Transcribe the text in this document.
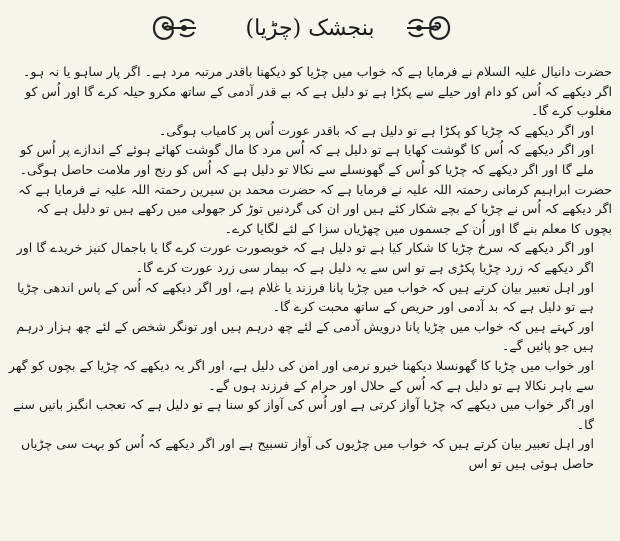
ﺑﻨﺠﺸﮏ (ﭼﮍﯾﺎ)

حضرت دانیال علیہ السلام نے فرمایا ہے کہ خواب میں چڑیا کو دیکھنا باقدر مرتبہ مرد ہے۔ اگر پار ساہو یا نہ ہو۔ اگر دیکھے کہ اُس کو دام اور حیلے سے پکڑا ہے تو دلیل ہے کہ بے قدر آدمی کے ساتھ مکرو حیلہ کرے گا اور اُس کو مغلوب کرے گا۔

اور اگر دیکھے کہ چڑیا کو پکڑا ہے تو دلیل ہے کہ باقدر عورت اُس پر کامیاب ہوگی۔

اور اگر دیکھے کہ اُس کا گوشت کھایا ہے تو دلیل ہے کہ اُس مرد کا مال گوشت کھائے ہوئے کے اندازے پر اُس کو ملے گا اور اگر دیکھے کہ چڑیا کو اُس کے گھونسلے سے نکالا تو دلیل ہے کہ اُس کو رنج اور ملامت حاصل ہوگی۔

حضرت ابراہیم کرمانی رحمتہ اللہ علیہ نے فرمایا ہے کہ حضرت محمد بن سیرین رحمتہ اللہ علیہ نے فرمایا ہے کہ اگر دیکھے کہ اُس نے چڑیا کے بچے شکار کئے ہیں اور ان کی گردنیں توڑ کر جھولی میں رکھے ہیں تو دلیل ہے کہ بچوں کا معلم بنے گا اور اُن کے جسموں میں چھڑیاں سزا کے لئے لگایا کرے۔

اور اگر دیکھے کہ سرخ چڑیا کا شکار کیا ہے تو دلیل ہے کہ خوبصورت عورت کرے گا یا باجمال کنیز خریدے گا اور اگر دیکھے کہ زرد چڑیا پکڑی ہے تو اس سے یہ دلیل ہے کہ بیمار سی زرد عورت کرے گا۔

اور اہل تعبیر بیان کرتے ہیں کہ خواب میں چڑیا پانا فرزند یا غلام ہے، اور اگر دیکھے کہ اُس کے پاس اندھی چڑیا ہے تو دلیل ہے کہ بد آدمی اور حریص کے ساتھ محبت کرے گا۔

اور کہتے ہیں کہ خواب میں چڑیا پانا درویش آدمی کے لئے چھ درہم ہیں اور تونگر شخص کے لئے چھ ہزار درہم ہیں جو پائیں گے۔

اور خواب میں چڑیا کا گھونسلا دیکھنا خیرو نرمی اور امن کی دلیل ہے، اور اگر یہ دیکھے کہ چڑیا کے بچوں کو گھر سے باہر نکالا ہے تو دلیل ہے کہ اُس کے حلال اور حرام کے فرزند ہوں گے۔

اور اگر خواب میں دیکھے کہ چڑیا آواز کرتی ہے اور اُس کی آواز کو سنا ہے تو دلیل ہے کہ تعجب انگیز باتیں سنے گا۔

اور اہل تعبیر بیان کرتے ہیں کہ خواب میں چڑیوں کی آواز تسبیح ہے اور اگر دیکھے کہ اُس کو بہت سی چڑیاں حاصل ہوئی ہیں تو اس
